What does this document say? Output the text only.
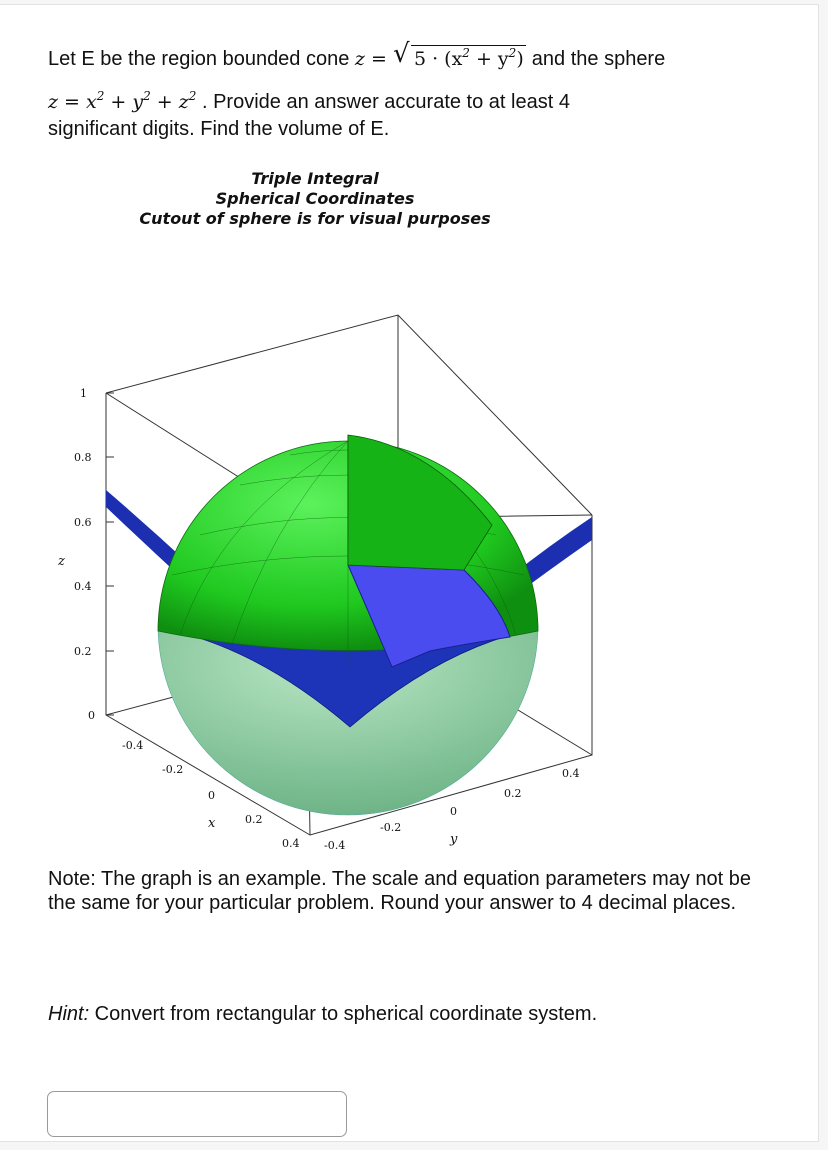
Let E be the region bounded cone z = √ $5 \cdot (x^2 + y^2)$ and the sphere
$z = x^2 + y^2 + z^2$ . Provide an answer accurate to at least 4
significant digits. Find the volume of E.
Triple Integral
Spherical Coordinates
Cutout of sphere is for visual purposes
1
0.8
0.6
0.4
0.2
0
z
-0.4
-0.2
0
0.2
0.4
x
-0.4
-0.2
0
0.2
0.4
y
Note: The graph is an example. The scale and equation parameters may not be the same for your particular problem. Round your answer to 4 decimal places.
Hint: Convert from rectangular to spherical coordinate system.
